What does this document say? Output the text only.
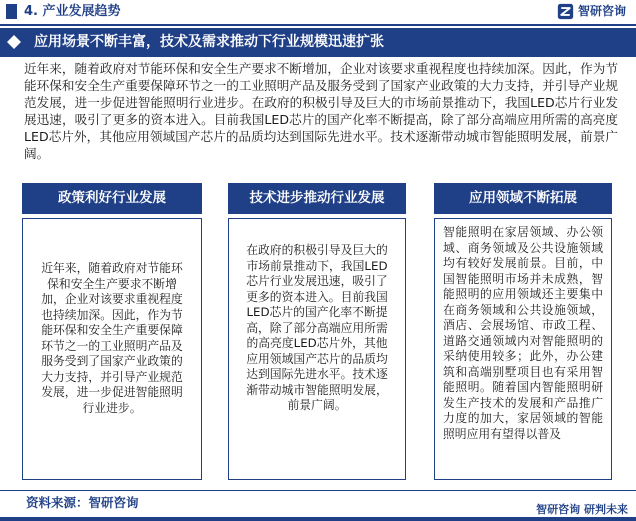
4. 产业发展趋势	智研咨询
应用场景不断丰富，技术及需求推动下行业规模迅速扩张
近年来，随着政府对节能环保和安全生产要求不断增加，企业对该要求重视程度也持续加深。因此，作为节能环保和安全生产重要保障环节之一的工业照明产品及服务受到了国家产业政策的大力支持，并引导产业规范发展，进一步促进智能照明行业进步。在政府的积极引导及巨大的市场前景推动下，我国LED芯片行业发展迅速，吸引了更多的资本进入。目前我国LED芯片的国产化率不断提高，除了部分高端应用所需的高亮度LED芯片外，其他应用领域国产芯片的品质均达到国际先进水平。技术逐渐带动城市智能照明发展，前景广阔。
政策利好行业发展
近年来，随着政府对节能环保和安全生产要求不断增加，企业对该要求重视程度也持续加深。因此，作为节能环保和安全生产重要保障环节之一的工业照明产品及服务受到了国家产业政策的大力支持，并引导产业规范发展，进一步促进智能照明行业进步。
技术进步推动行业发展
在政府的积极引导及巨大的市场前景推动下，我国LED芯片行业发展迅速，吸引了更多的资本进入。目前我国LED芯片的国产化率不断提高，除了部分高端应用所需的高亮度LED芯片外，其他应用领域国产芯片的品质均达到国际先进水平。技术逐渐带动城市智能照明发展，前景广阔。
应用领域不断拓展
智能照明在家居领域、办公领域、商务领域及公共设施领域均有较好发展前景。目前，中国智能照明市场并未成熟，智能照明的应用领域还主要集中在商务领域和公共设施领域，酒店、会展场馆、市政工程、道路交通领域内对智能照明的采纳使用较多；此外，办公建筑和高端别墅项目也有采用智能照明。随着国内智能照明研发生产技术的发展和产品推广力度的加大，家居领域的智能照明应用有望得以普及
资料来源：智研咨询	智研咨询 研判未来
